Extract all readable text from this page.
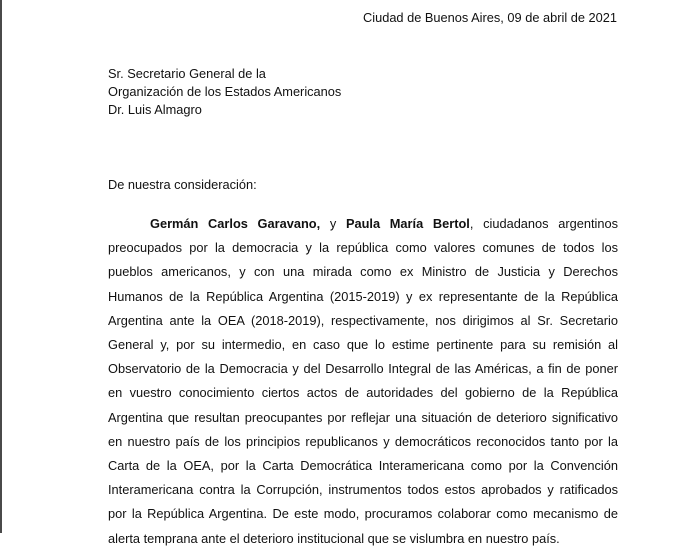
Ciudad de Buenos Aires, 09 de abril de 2021
Sr. Secretario General de la
Organización de los Estados Americanos
Dr. Luis Almagro
De nuestra consideración:
Germán Carlos Garavano, y Paula María Bertol, ciudadanos argentinos preocupados por la democracia y la república como valores comunes de todos los pueblos americanos, y con una mirada como ex Ministro de Justicia y Derechos Humanos de la República Argentina (2015-2019) y ex representante de la República Argentina ante la OEA (2018-2019), respectivamente, nos dirigimos al Sr. Secretario General y, por su intermedio, en caso que lo estime pertinente para su remisión al Observatorio de la Democracia y del Desarrollo Integral de las Américas, a fin de poner en vuestro conocimiento ciertos actos de autoridades del gobierno de la República Argentina que resultan preocupantes por reflejar una situación de deterioro significativo en nuestro país de los principios republicanos y democráticos reconocidos tanto por la Carta de la OEA, por la Carta Democrática Interamericana como por la Convención Interamericana contra la Corrupción, instrumentos todos estos aprobados y ratificados por la República Argentina. De este modo, procuramos colaborar como mecanismo de alerta temprana ante el deterioro institucional que se vislumbra en nuestro país.
